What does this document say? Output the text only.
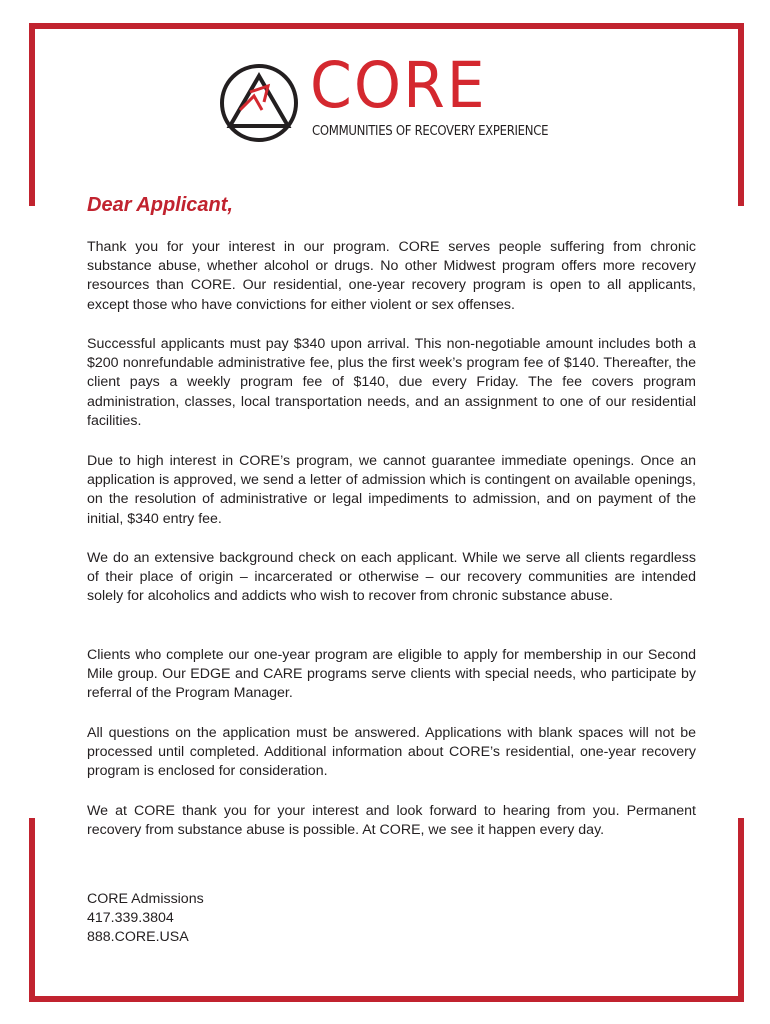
CORE
COMMUNITIES OF RECOVERY EXPERIENCE
Dear Applicant,

Thank you for your interest in our program. CORE serves people suffering from chronic substance abuse, whether alcohol or drugs. No other Midwest program offers more recovery resources than CORE. Our residential, one-year recovery program is open to all applicants, except those who have convictions for either violent or sex offenses.

Successful applicants must pay $340 upon arrival. This non-negotiable amount includes both a $200 nonrefundable administrative fee, plus the first week’s program fee of $140. Thereafter, the client pays a weekly program fee of $140, due every Friday. The fee covers program administration, classes, local transportation needs, and an assignment to one of our residential facilities.

Due to high interest in CORE’s program, we cannot guarantee immediate openings. Once an application is approved, we send a letter of admission which is contingent on available openings, on the resolution of administrative or legal impediments to admission, and on payment of the initial, $340 entry fee.

We do an extensive background check on each applicant. While we serve all clients regardless of their place of origin – incarcerated or otherwise – our recovery communities are intended solely for alcoholics and addicts who wish to recover from chronic substance abuse.

Clients who complete our one-year program are eligible to apply for membership in our Second Mile group. Our EDGE and CARE programs serve clients with special needs, who participate by referral of the Program Manager.

All questions on the application must be answered. Applications with blank spaces will not be processed until completed. Additional information about CORE’s residential, one-year recovery program is enclosed for consideration.

We at CORE thank you for your interest and look forward to hearing from you. Permanent recovery from substance abuse is possible. At CORE, we see it happen every day.

CORE Admissions
417.339.3804
888.CORE.USA
